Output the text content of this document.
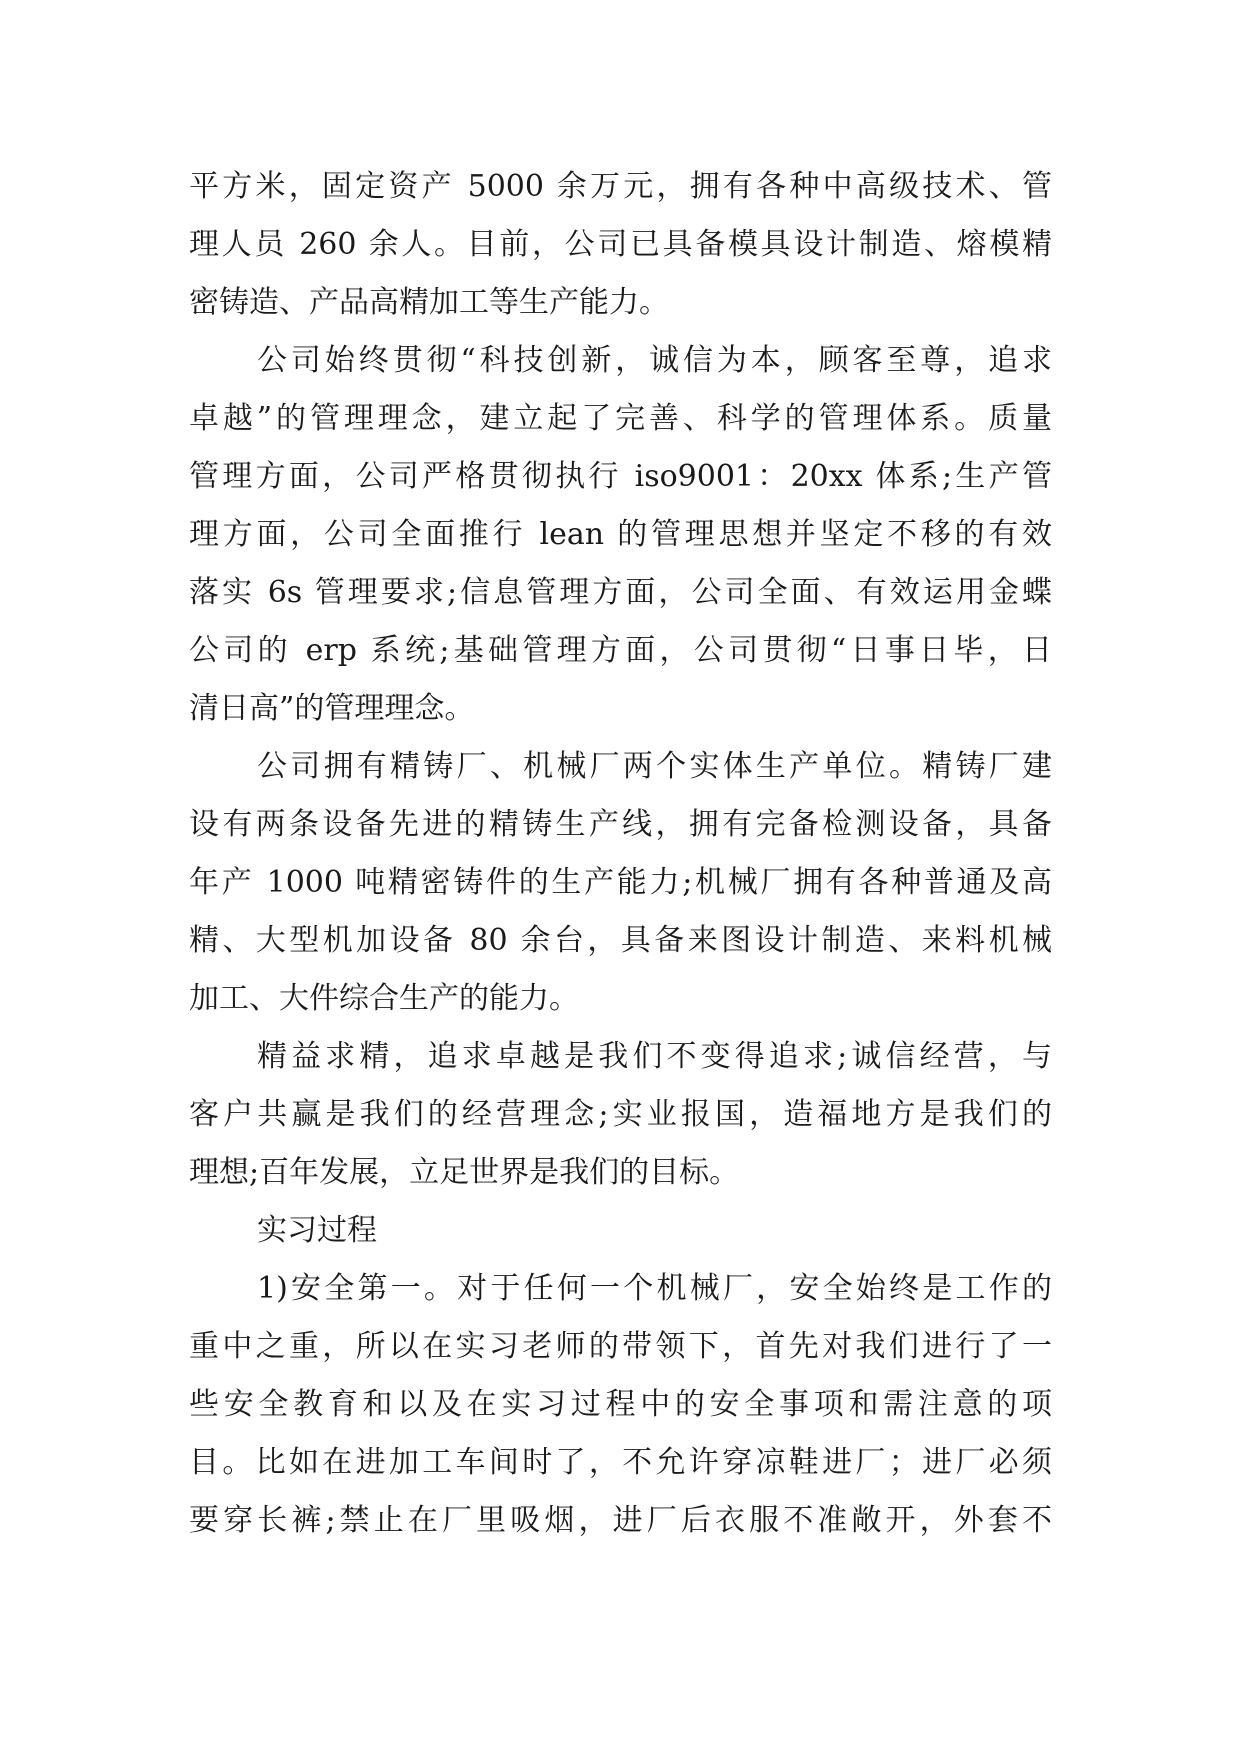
平方米，固定资产 5000 余万元，拥有各种中高级技术、管
理人员 260 余人。目前，公司已具备模具设计制造、熔模精
密铸造、产品高精加工等生产能力。
公司始终贯彻“科技创新，诚信为本，顾客至尊，追求
卓越”的管理理念，建立起了完善、科学的管理体系。质量
管理方面，公司严格贯彻执行 iso9001：20xx 体系;生产管
理方面，公司全面推行 lean 的管理思想并坚定不移的有效
落实 6s 管理要求;信息管理方面，公司全面、有效运用金蝶
公司的 erp 系统;基础管理方面，公司贯彻“日事日毕，日
清日高”的管理理念。
公司拥有精铸厂、机械厂两个实体生产单位。精铸厂建
设有两条设备先进的精铸生产线，拥有完备检测设备，具备
年产 1000 吨精密铸件的生产能力;机械厂拥有各种普通及高
精、大型机加设备 80 余台，具备来图设计制造、来料机械
加工、大件综合生产的能力。
精益求精，追求卓越是我们不变得追求;诚信经营，与
客户共赢是我们的经营理念;实业报国，造福地方是我们的
理想;百年发展，立足世界是我们的目标。
实习过程
1)安全第一。对于任何一个机械厂，安全始终是工作的
重中之重，所以在实习老师的带领下，首先对我们进行了一
些安全教育和以及在实习过程中的安全事项和需注意的项
目。比如在进加工车间时了，不允许穿凉鞋进厂；进厂必须
要穿长裤;禁止在厂里吸烟，进厂后衣服不准敞开，外套不
